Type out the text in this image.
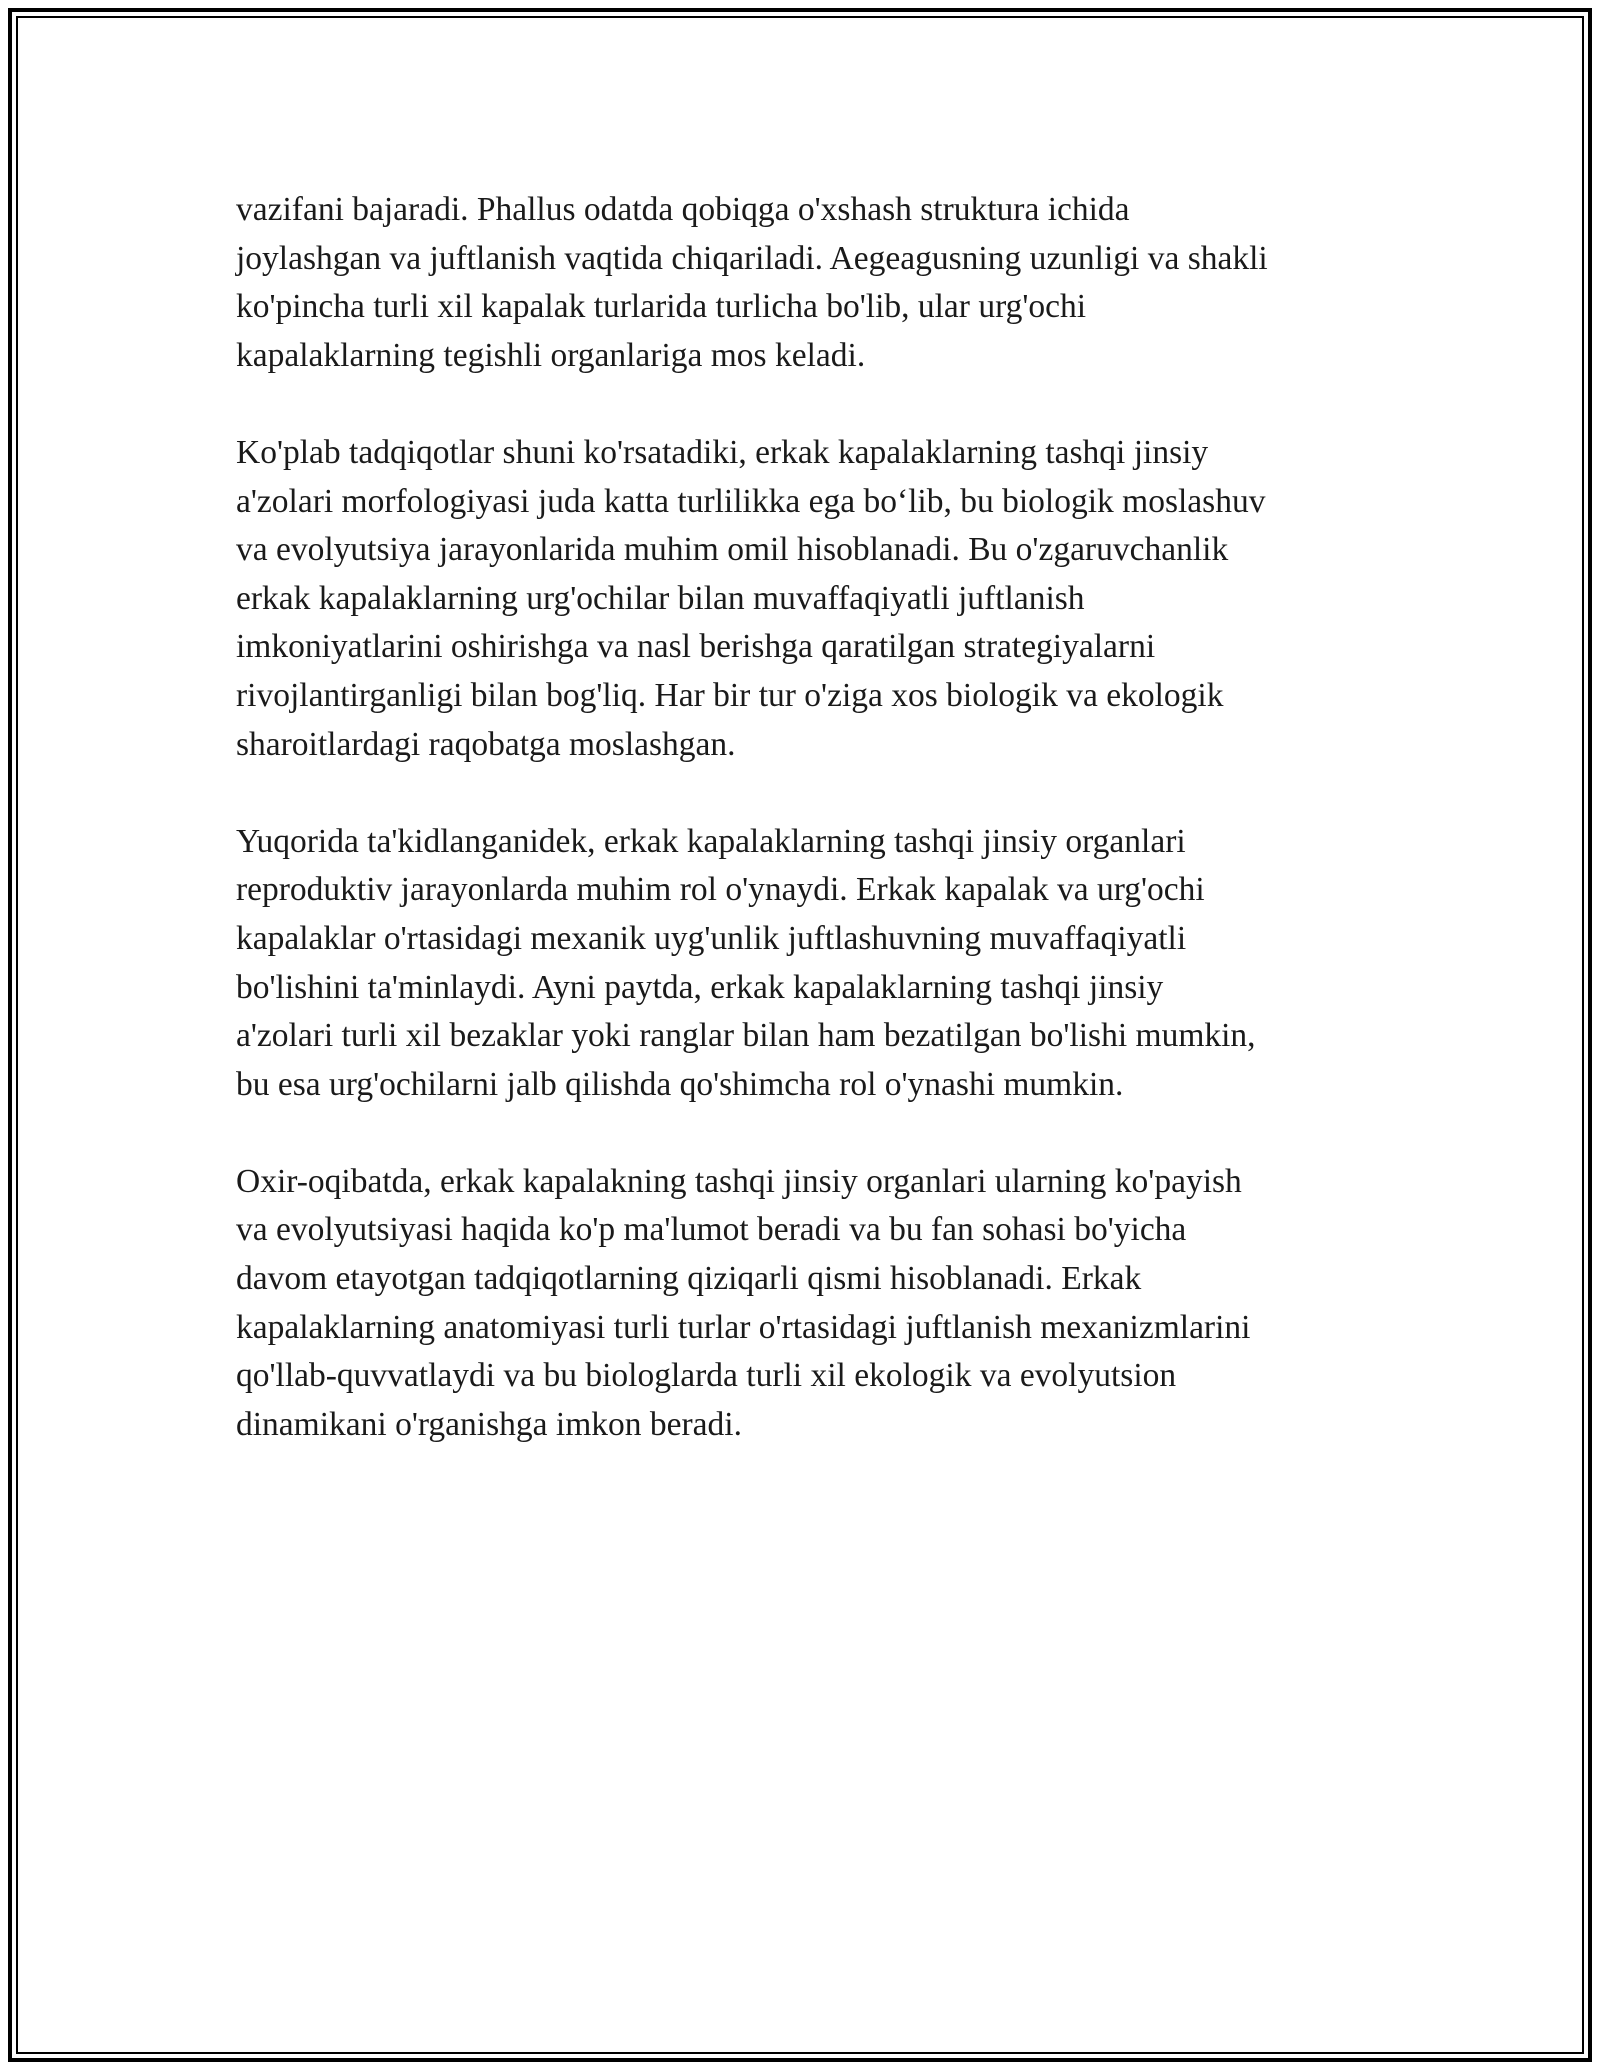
vazifani bajaradi. Phallus odatda qobiqga o'xshash struktura ichida
joylashgan va juftlanish vaqtida chiqariladi. Aegeagusning uzunligi va shakli
ko'pincha turli xil kapalak turlarida turlicha bo'lib, ular urg'ochi
kapalaklarning tegishli organlariga mos keladi.

Ko'plab tadqiqotlar shuni ko'rsatadiki, erkak kapalaklarning tashqi jinsiy
a'zolari morfologiyasi juda katta turlilikka ega bo‘lib, bu biologik moslashuv
va evolyutsiya jarayonlarida muhim omil hisoblanadi. Bu o'zgaruvchanlik
erkak kapalaklarning urg'ochilar bilan muvaffaqiyatli juftlanish
imkoniyatlarini oshirishga va nasl berishga qaratilgan strategiyalarni
rivojlantirganligi bilan bog'liq. Har bir tur o'ziga xos biologik va ekologik
sharoitlardagi raqobatga moslashgan.

Yuqorida ta'kidlanganidek, erkak kapalaklarning tashqi jinsiy organlari
reproduktiv jarayonlarda muhim rol o'ynaydi. Erkak kapalak va urg'ochi
kapalaklar o'rtasidagi mexanik uyg'unlik juftlashuvning muvaffaqiyatli
bo'lishini ta'minlaydi. Ayni paytda, erkak kapalaklarning tashqi jinsiy
a'zolari turli xil bezaklar yoki ranglar bilan ham bezatilgan bo'lishi mumkin,
bu esa urg'ochilarni jalb qilishda qo'shimcha rol o'ynashi mumkin.

Oxir-oqibatda, erkak kapalakning tashqi jinsiy organlari ularning ko'payish
va evolyutsiyasi haqida ko'p ma'lumot beradi va bu fan sohasi bo'yicha
davom etayotgan tadqiqotlarning qiziqarli qismi hisoblanadi. Erkak
kapalaklarning anatomiyasi turli turlar o'rtasidagi juftlanish mexanizmlarini
qo'llab-quvvatlaydi va bu biologlarda turli xil ekologik va evolyutsion
dinamikani o'rganishga imkon beradi.
